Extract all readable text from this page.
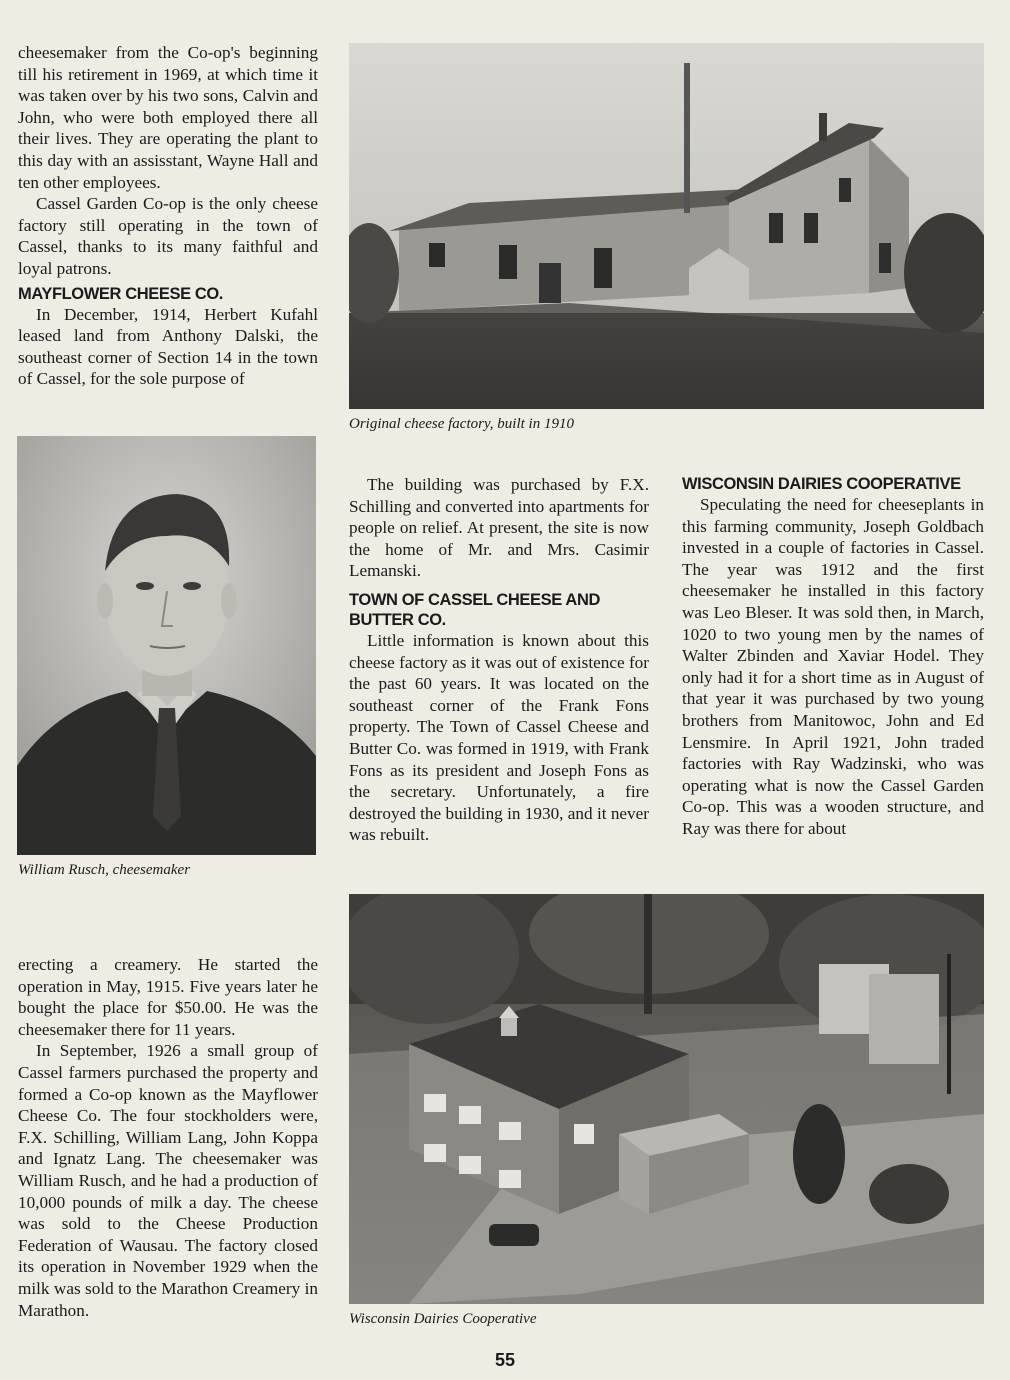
cheesemaker from the Co-op's beginning till his retirement in 1969, at which time it was taken over by his two sons, Calvin and John, who were both employed there all their lives. They are operating the plant to this day with an assisstant, Wayne Hall and ten other employees.

Cassel Garden Co-op is the only cheese factory still operating in the town of Cassel, thanks to its many faithful and loyal patrons.

MAYFLOWER CHEESE CO.

In December, 1914, Herbert Kufahl leased land from Anthony Dalski, the southeast corner of Section 14 in the town of Cassel, for the sole purpose of

Original cheese factory, built in 1910
William Rusch, cheesemaker

The building was purchased by F.X. Schilling and converted into apartments for people on relief. At present, the site is now the home of Mr. and Mrs. Casimir Lemanski.

TOWN OF CASSEL CHEESE AND BUTTER CO.

Little information is known about this cheese factory as it was out of existence for the past 60 years. It was located on the southeast corner of the Frank Fons property. The Town of Cassel Cheese and Butter Co. was formed in 1919, with Frank Fons as its president and Joseph Fons as the secretary. Unfortunately, a fire destroyed the building in 1930, and it never was rebuilt.

WISCONSIN DAIRIES COOPERATIVE

Speculating the need for cheeseplants in this farming community, Joseph Goldbach invested in a couple of factories in Cassel. The year was 1912 and the first cheesemaker he installed in this factory was Leo Bleser. It was sold then, in March, 1020 to two young men by the names of Walter Zbinden and Xaviar Hodel. They only had it for a short time as in August of that year it was purchased by two young brothers from Manitowoc, John and Ed Lensmire. In April 1921, John traded factories with Ray Wadzinski, who was operating what is now the Cassel Garden Co-op. This was a wooden structure, and Ray was there for about

erecting a creamery. He started the operation in May, 1915. Five years later he bought the place for $50.00. He was the cheesemaker there for 11 years.

In September, 1926 a small group of Cassel farmers purchased the property and formed a Co-op known as the Mayflower Cheese Co. The four stockholders were, F.X. Schilling, William Lang, John Koppa and Ignatz Lang. The cheesemaker was William Rusch, and he had a production of 10,000 pounds of milk a day. The cheese was sold to the Cheese Production Federation of Wausau. The factory closed its operation in November 1929 when the milk was sold to the Marathon Creamery in Marathon.	Wisconsin Dairies Cooperative
55
